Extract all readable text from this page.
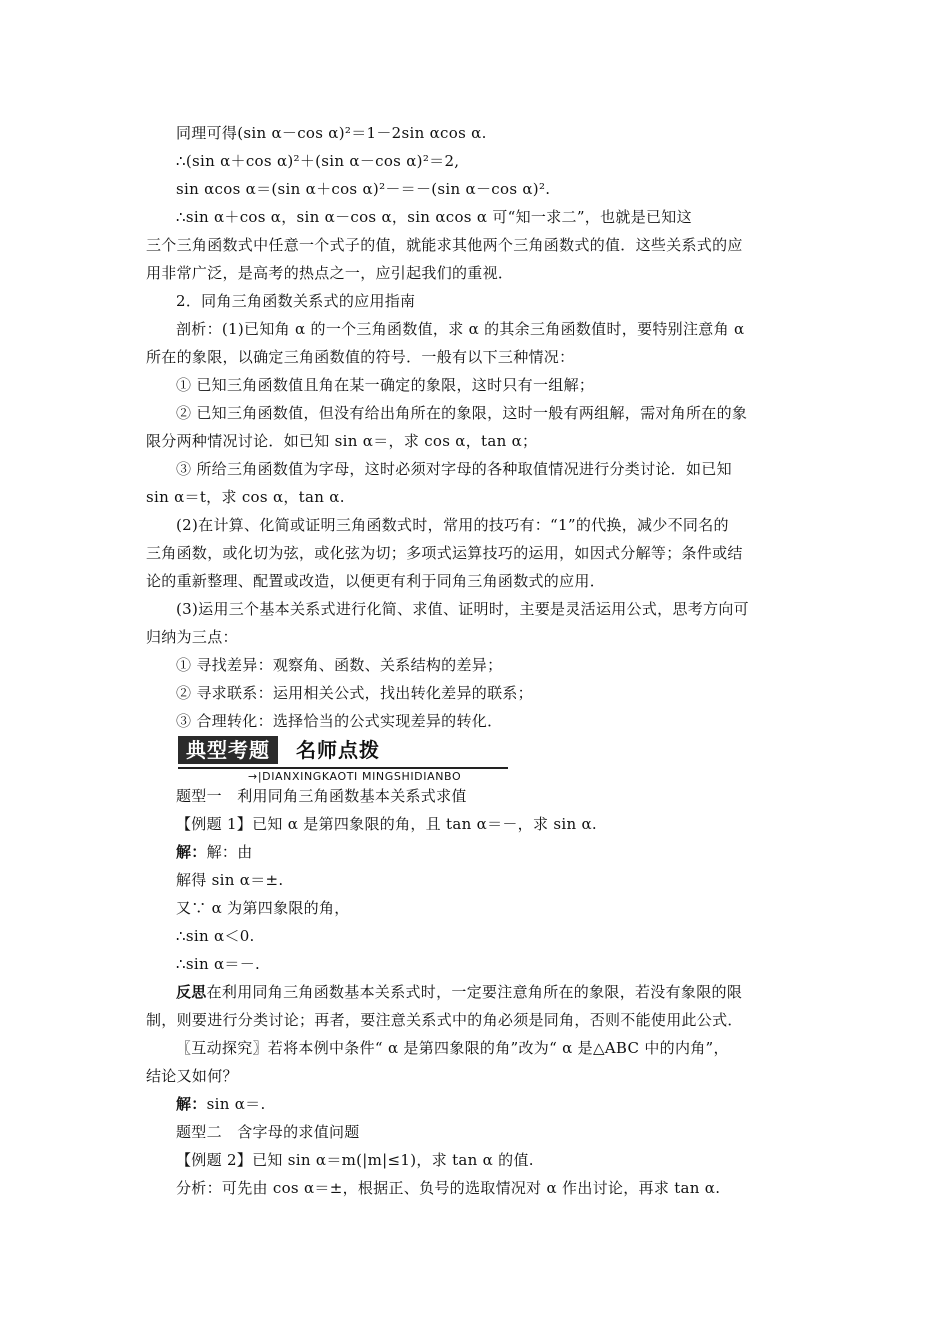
同理可得(sin α－cos α)²＝1－2sin αcos α.
∴(sin α＋cos α)²＋(sin α－cos α)²＝2,
sin αcos α＝(sin α＋cos α)²－＝－(sin α－cos α)².
∴sin α＋cos α，sin α－cos α，sin αcos α 可“知一求二”，也就是已知这
三个三角函数式中任意一个式子的值，就能求其他两个三角函数式的值．这些关系式的应
用非常广泛，是高考的热点之一，应引起我们的重视．
2．同角三角函数关系式的应用指南
剖析：(1)已知角 α 的一个三角函数值，求 α 的其余三角函数值时，要特别注意角 α
所在的象限，以确定三角函数值的符号．一般有以下三种情况：
① 已知三角函数值且角在某一确定的象限，这时只有一组解；
② 已知三角函数值，但没有给出角所在的象限，这时一般有两组解，需对角所在的象
限分两种情况讨论．如已知 sin α＝，求 cos α，tan α；
③ 所给三角函数值为字母，这时必须对字母的各种取值情况进行分类讨论．如已知
sin α＝t，求 cos α，tan α.
(2)在计算、化简或证明三角函数式时，常用的技巧有：“1”的代换，减少不同名的
三角函数，或化切为弦，或化弦为切；多项式运算技巧的运用，如因式分解等；条件或结
论的重新整理、配置或改造，以便更有利于同角三角函数式的应用．
(3)运用三个基本关系式进行化简、求值、证明时，主要是灵活运用公式，思考方向可
归纳为三点：
① 寻找差异：观察角、函数、关系结构的差异；
② 寻求联系：运用相关公式，找出转化差异的联系；
③ 合理转化：选择恰当的公式实现差异的转化．
典型考题	名师点拨
→|DIANXINGKAOTI MINGSHIDIANBO
题型一　利用同角三角函数基本关系式求值
【例题 1】已知 α 是第四象限的角，且 tan α＝－，求 sin α.
解：解：由
解得 sin α＝±.
又∵ α 为第四象限的角，
∴sin α＜0.
∴sin α＝－.
反思在利用同角三角函数基本关系式时，一定要注意角所在的象限，若没有象限的限
制，则要进行分类讨论；再者，要注意关系式中的角必须是同角，否则不能使用此公式．
〖互动探究〗若将本例中条件“ α 是第四象限的角”改为“ α 是△ABC 中的内角”，
结论又如何？
解：sin α＝.
题型二　含字母的求值问题
【例题 2】已知 sin α＝m(|m|≤1)，求 tan α 的值.
分析：可先由 cos α＝±，根据正、负号的选取情况对 α 作出讨论，再求 tan α.
